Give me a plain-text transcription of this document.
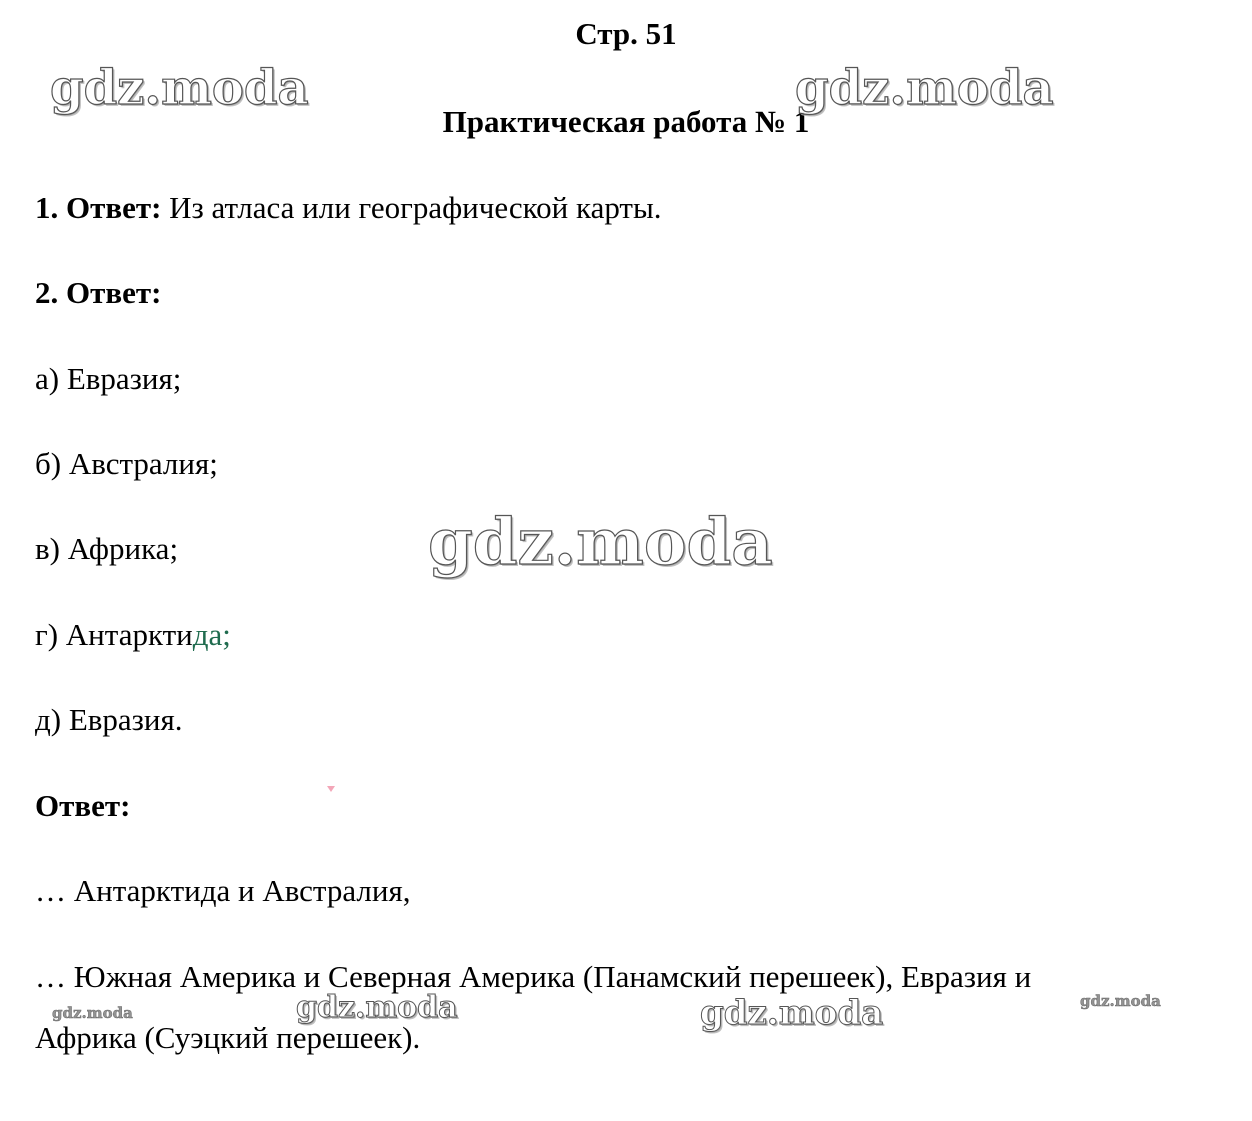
Стр. 51
Практическая работа № 1
gdz.moda	gdz.moda
gdz.moda
gdz.moda	gdz.moda
gdz.moda
gdz.moda
1. Ответ: Из атласа или географической карты.
2. Ответ:
а) Евразия;
б) Австралия;
в) Африка;
г) Антарктида;
д) Евразия.
Ответ:
… Антарктида и Австралия,
… Южная Америка и Северная Америка (Панамский перешеек), Евразия и
Африка (Суэцкий перешеек).
